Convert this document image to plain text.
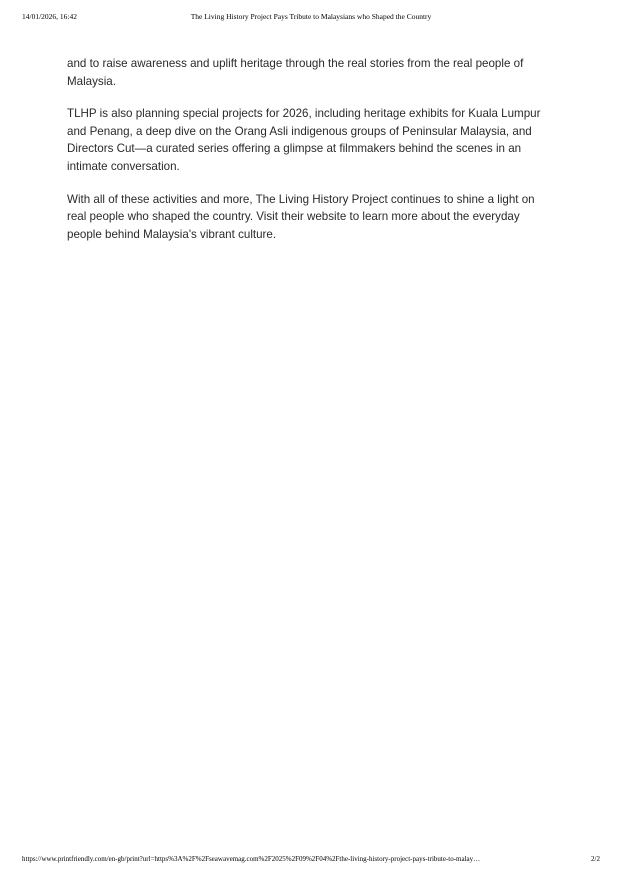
14/01/2026, 16:42	The Living History Project Pays Tribute to Malaysians who Shaped the Country

and to raise awareness and uplift heritage through the real stories from the real people of Malaysia.

TLHP is also planning special projects for 2026, including heritage exhibits for Kuala Lumpur and Penang, a deep dive on the Orang Asli indigenous groups of Peninsular Malaysia, and Directors Cut—a curated series offering a glimpse at filmmakers behind the scenes in an intimate conversation.

With all of these activities and more, The Living History Project continues to shine a light on real people who shaped the country. Visit their website to learn more about the everyday people behind Malaysia's vibrant culture.

https://www.printfriendly.com/en-gb/print?url=https%3A%2F%2Fseawavemag.com%2F2025%2F09%2F04%2Fthe-living-history-project-pays-tribute-to-malay…	2/2
